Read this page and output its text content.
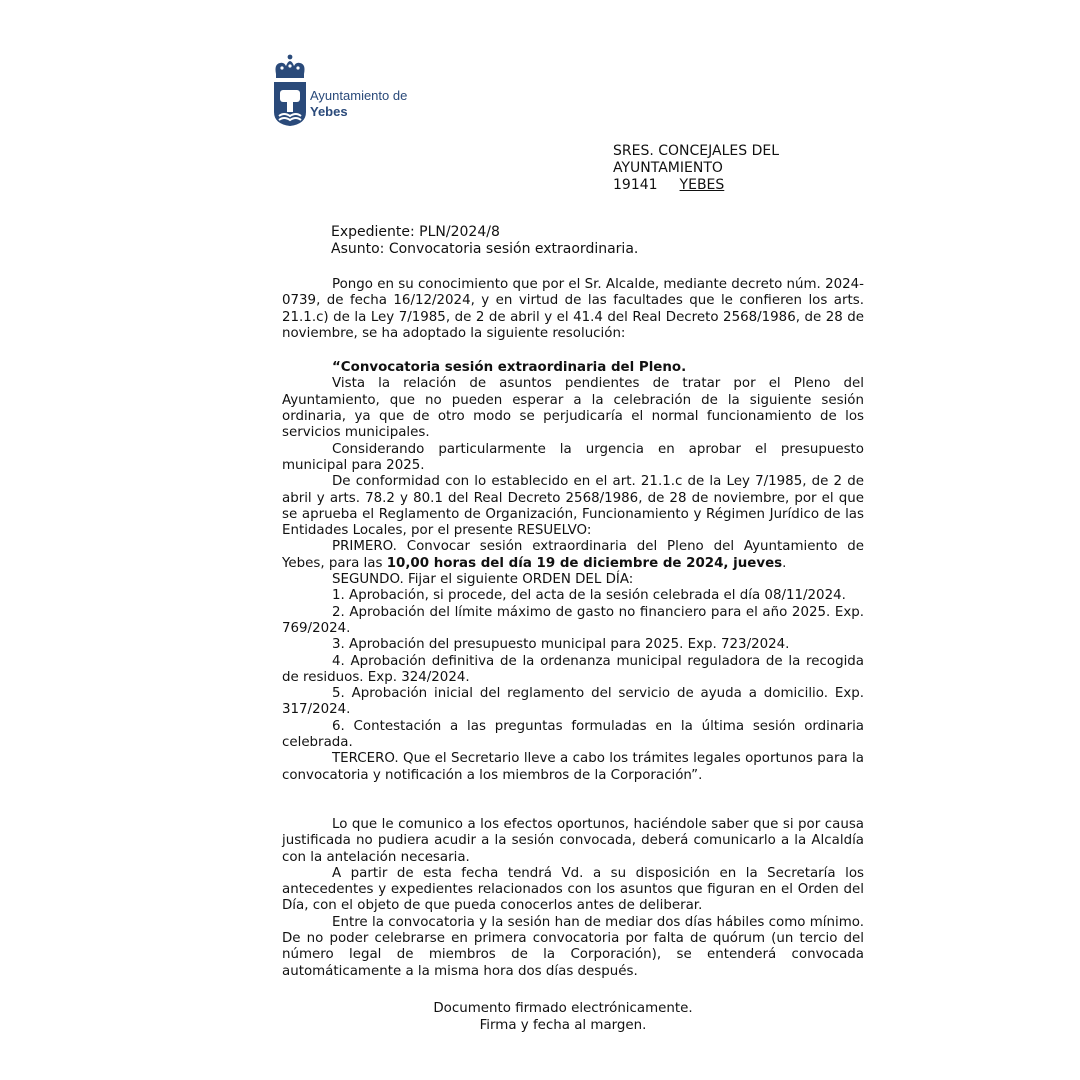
Ayuntamiento de
Yebes
SRES. CONCEJALES DEL
AYUNTAMIENTO
19141 YEBES
Expediente: PLN/2024/8
Asunto: Convocatoria sesión extraordinaria.

Pongo en su conocimiento que por el Sr. Alcalde, mediante decreto núm. 2024-0739, de fecha 16/12/2024, y en virtud de las facultades que le confieren los arts. 21.1.c) de la Ley 7/1985, de 2 de abril y el 41.4 del Real Decreto 2568/1986, de 28 de noviembre, se ha adoptado la siguiente resolución:

“Convocatoria sesión extraordinaria del Pleno.

Vista la relación de asuntos pendientes de tratar por el Pleno del Ayuntamiento, que no pueden esperar a la celebración de la siguiente sesión ordinaria, ya que de otro modo se perjudicaría el normal funcionamiento de los servicios municipales.

Considerando particularmente la urgencia en aprobar el presupuesto municipal para 2025.

De conformidad con lo establecido en el art. 21.1.c de la Ley 7/1985, de 2 de abril y arts. 78.2 y 80.1 del Real Decreto 2568/1986, de 28 de noviembre, por el que se aprueba el Reglamento de Organización, Funcionamiento y Régimen Jurídico de las Entidades Locales, por el presente RESUELVO:

PRIMERO. Convocar sesión extraordinaria del Pleno del Ayuntamiento de Yebes, para las 10,00 horas del día 19 de diciembre de 2024, jueves.

SEGUNDO. Fijar el siguiente ORDEN DEL DÍA:

1. Aprobación, si procede, del acta de la sesión celebrada el día 08/11/2024.

2. Aprobación del límite máximo de gasto no financiero para el año 2025. Exp. 769/2024.

3. Aprobación del presupuesto municipal para 2025. Exp. 723/2024.

4. Aprobación definitiva de la ordenanza municipal reguladora de la recogida de residuos. Exp. 324/2024.

5. Aprobación inicial del reglamento del servicio de ayuda a domicilio. Exp. 317/2024.

6. Contestación a las preguntas formuladas en la última sesión ordinaria celebrada.

TERCERO. Que el Secretario lleve a cabo los trámites legales oportunos para la convocatoria y notificación a los miembros de la Corporación”.

Lo que le comunico a los efectos oportunos, haciéndole saber que si por causa justificada no pudiera acudir a la sesión convocada, deberá comunicarlo a la Alcaldía con la antelación necesaria.

A partir de esta fecha tendrá Vd. a su disposición en la Secretaría los antecedentes y expedientes relacionados con los asuntos que figuran en el Orden del Día, con el objeto de que pueda conocerlos antes de deliberar.

Entre la convocatoria y la sesión han de mediar dos días hábiles como mínimo. De no poder celebrarse en primera convocatoria por falta de quórum (un tercio del número legal de miembros de la Corporación), se entenderá convocada automáticamente a la misma hora dos días después.

Documento firmado electrónicamente.
Firma y fecha al margen.
